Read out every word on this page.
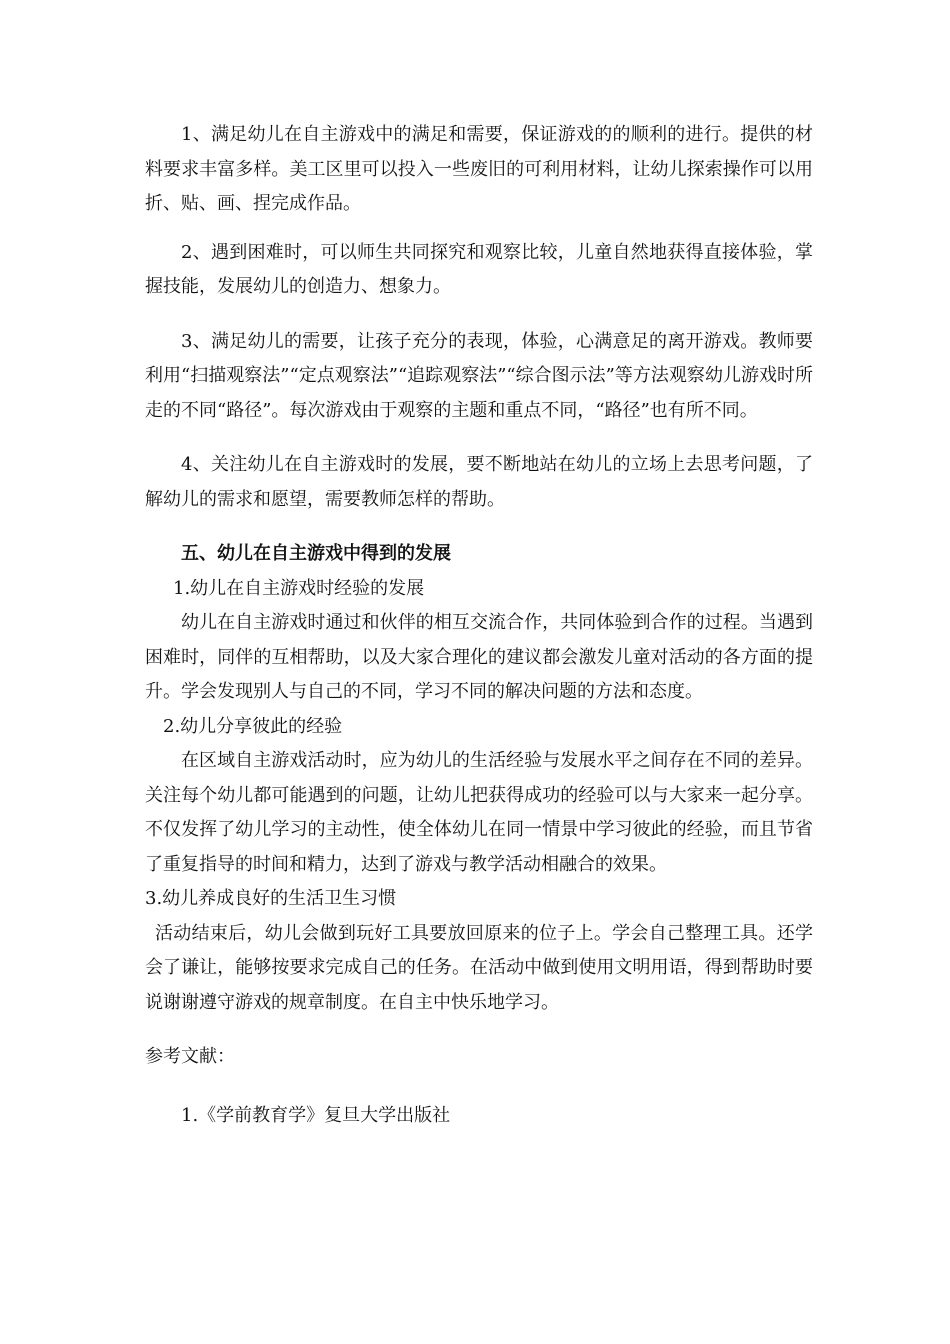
1、满足幼儿在自主游戏中的满足和需要，保证游戏的的顺利的进行。提供的材料要求丰富多样。美工区里可以投入一些废旧的可利用材料，让幼儿探索操作可以用折、贴、画、捏完成作品。

2、遇到困难时，可以师生共同探究和观察比较，儿童自然地获得直接体验，掌握技能，发展幼儿的创造力、想象力。

3、满足幼儿的需要，让孩子充分的表现，体验，心满意足的离开游戏。教师要利用“扫描观察法”“定点观察法”“追踪观察法”“综合图示法”等方法观察幼儿游戏时所走的不同“路径”。每次游戏由于观察的主题和重点不同，“路径”也有所不同。

4、关注幼儿在自主游戏时的发展，要不断地站在幼儿的立场上去思考问题，了解幼儿的需求和愿望，需要教师怎样的帮助。

五、幼儿在自主游戏中得到的发展

1.幼儿在自主游戏时经验的发展

幼儿在自主游戏时通过和伙伴的相互交流合作，共同体验到合作的过程。当遇到困难时，同伴的互相帮助，以及大家合理化的建议都会激发儿童对活动的各方面的提升。学会发现别人与自己的不同，学习不同的解决问题的方法和态度。

2.幼儿分享彼此的经验

在区域自主游戏活动时，应为幼儿的生活经验与发展水平之间存在不同的差异。关注每个幼儿都可能遇到的问题，让幼儿把获得成功的经验可以与大家来一起分享。不仅发挥了幼儿学习的主动性，使全体幼儿在同一情景中学习彼此的经验，而且节省了重复指导的时间和精力，达到了游戏与教学活动相融合的效果。

3.幼儿养成良好的生活卫生习惯

活动结束后，幼儿会做到玩好工具要放回原来的位子上。学会自己整理工具。还学会了谦让，能够按要求完成自己的任务。在活动中做到使用文明用语，得到帮助时要说谢谢遵守游戏的规章制度。在自主中快乐地学习。

参考文献：

1.《学前教育学》复旦大学出版社
